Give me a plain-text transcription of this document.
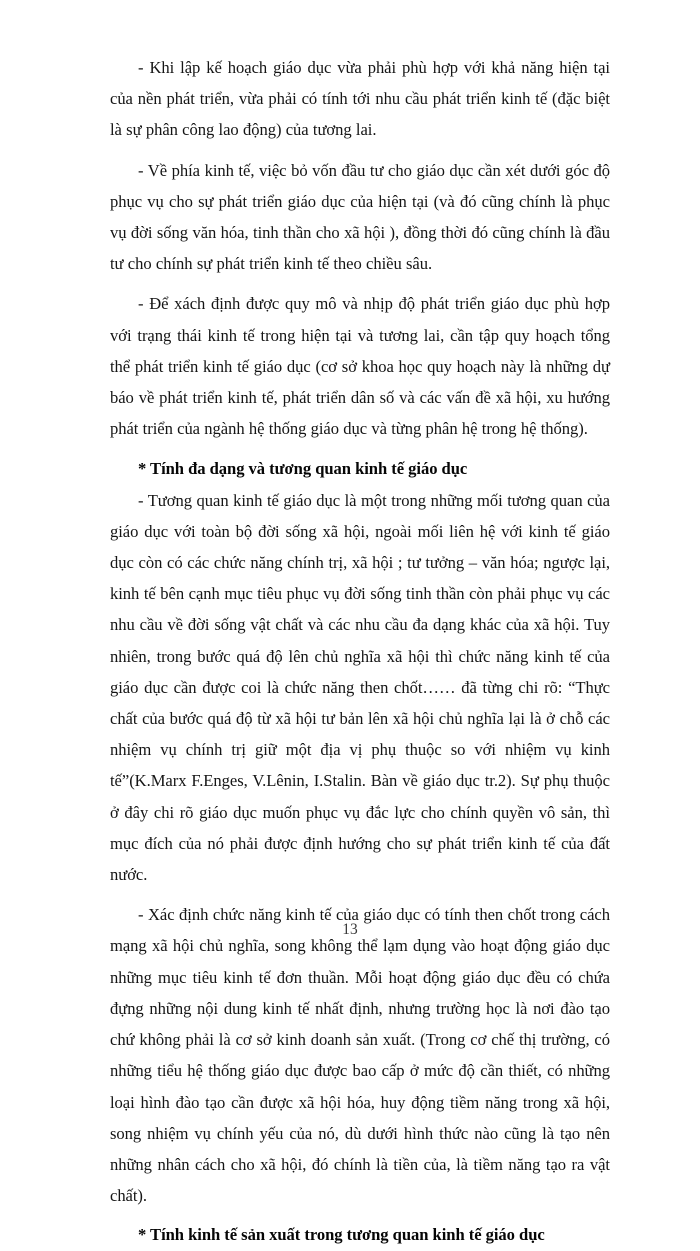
- Khi lập kế hoạch giáo dục vừa phải phù hợp với khả năng hiện tại của nền phát triển, vừa phải có tính tới nhu cầu phát triển kinh tế (đặc biệt là sự phân công lao động) của tương lai.

- Về phía kinh tế, việc bỏ vốn đầu tư cho giáo dục cần xét dưới góc độ phục vụ cho sự phát triển giáo dục của hiện tại (và đó cũng chính là phục vụ đời sống văn hóa, tinh thần cho xã hội ), đồng thời đó cũng chính là đầu tư cho chính sự phát triển kinh tế theo chiều sâu.

- Để xách định được quy mô và nhịp độ phát triển giáo dục phù hợp với trạng thái kinh tế trong hiện tại và tương lai, cần tập quy hoạch tổng thể phát triển kinh tế giáo dục (cơ sở khoa học quy hoạch này là những dự báo về phát triển kinh tế, phát triển dân số và các vấn đề xã hội, xu hướng phát triển của ngành hệ thống giáo dục và từng phân hệ trong hệ thống).

* Tính đa dạng và tương quan kinh tế giáo dục

- Tương quan kinh tế giáo dục là một trong những mối tương quan của giáo dục với toàn bộ đời sống xã hội, ngoài mối liên hệ với kinh tế giáo dục còn có các chức năng chính trị, xã hội ; tư tưởng – văn hóa; ngược lại, kinh tế bên cạnh mục tiêu phục vụ đời sống tinh thần còn phải phục vụ các nhu cầu về đời sống vật chất và các nhu cầu đa dạng khác của xã hội. Tuy nhiên, trong bước quá độ lên chủ nghĩa xã hội thì chức năng kinh tế của giáo dục cần được coi là chức năng then chốt…… đã từng chi rõ: “Thực chất của bước quá độ từ xã hội tư bản lên xã hội chủ nghĩa lại là ở chỗ các nhiệm vụ chính trị giữ một địa vị phụ thuộc so với nhiệm vụ kinh tế”(K.Marx F.Enges, V.Lênin, I.Stalin. Bàn về giáo dục tr.2). Sự phụ thuộc ở đây chi rõ giáo dục muốn phục vụ đắc lực cho chính quyền vô sản, thì mục đích của nó phải được định hướng cho sự phát triển kinh tế của đất nước.

- Xác định chức năng kinh tế của giáo dục có tính then chốt trong cách mạng xã hội chủ nghĩa, song không thể lạm dụng vào hoạt động giáo dục những mục tiêu kinh tế đơn thuần. Mỗi hoạt động giáo dục đều có chứa đựng những nội dung kinh tế nhất định, nhưng trường học là nơi đào tạo chứ không phải là cơ sở kinh doanh sản xuất. (Trong cơ chế thị trường, có những tiểu hệ thống giáo dục được bao cấp ở mức độ cần thiết, có những loại hình đào tạo cần được xã hội hóa, huy động tiềm năng trong xã hội, song nhiệm vụ chính yếu của nó, dù dưới hình thức nào cũng là tạo nên những nhân cách cho xã hội, đó chính là tiền của, là tiềm năng tạo ra vật chất).

* Tính kinh tế sản xuất trong tương quan kinh tế giáo dục

13
